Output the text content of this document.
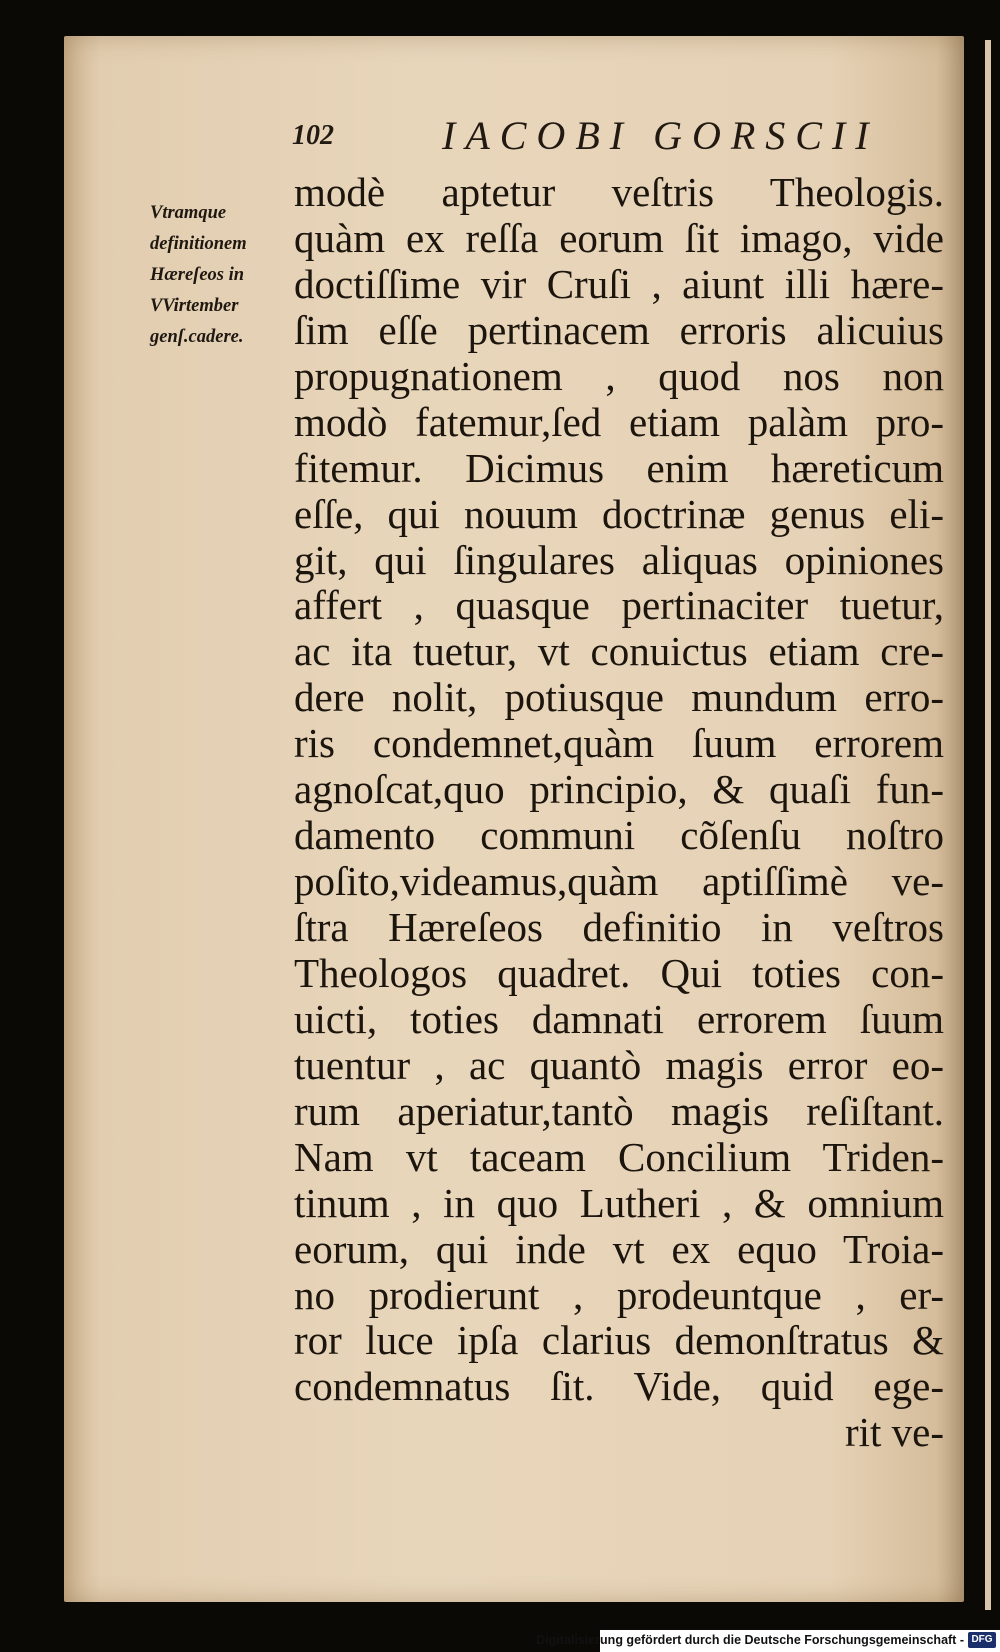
102	IACOBI GORSCII
Vtramque
definitionem
Hæreſeos in
VVirtember
genſ.cadere.
modè aptetur veſtris Theologis.
quàm ex reſſa eorum ſit imago, vide
doctiſſime vir Cruſi , aiunt illi hære-
ſim eſſe pertinacem erroris alicuius
propugnationem , quod nos non
modò fatemur,ſed etiam palàm pro-
fitemur. Dicimus enim hæreticum
eſſe, qui nouum doctrinæ genus eli-
git, qui ſingulares aliquas opiniones
affert , quasque pertinaciter tuetur,
ac ita tuetur, vt conuictus etiam cre-
dere nolit, potiusque mundum erro-
ris condemnet,quàm ſuum errorem
agnoſcat,quo principio, & quaſi fun-
damento communi cõſenſu noſtro
poſito,videamus,quàm aptiſſimè ve-
ſtra Hæreſeos definitio in veſtros
Theologos quadret. Qui toties con-
uicti, toties damnati errorem ſuum
tuentur , ac quantò magis error eo-
rum aperiatur,tantò magis reſiſtant.
Nam vt taceam Concilium Triden-
tinum , in quo Lutheri , & omnium
eorum, qui inde vt ex equo Troia-
no prodierunt , prodeuntque , er-
ror luce ipſa clarius demonſtratus &
condemnatus ſit. Vide, quid ege-
rit ve-
Digitalisierung gefördert durch die Deutsche Forschungsgemeinschaft - DFG
